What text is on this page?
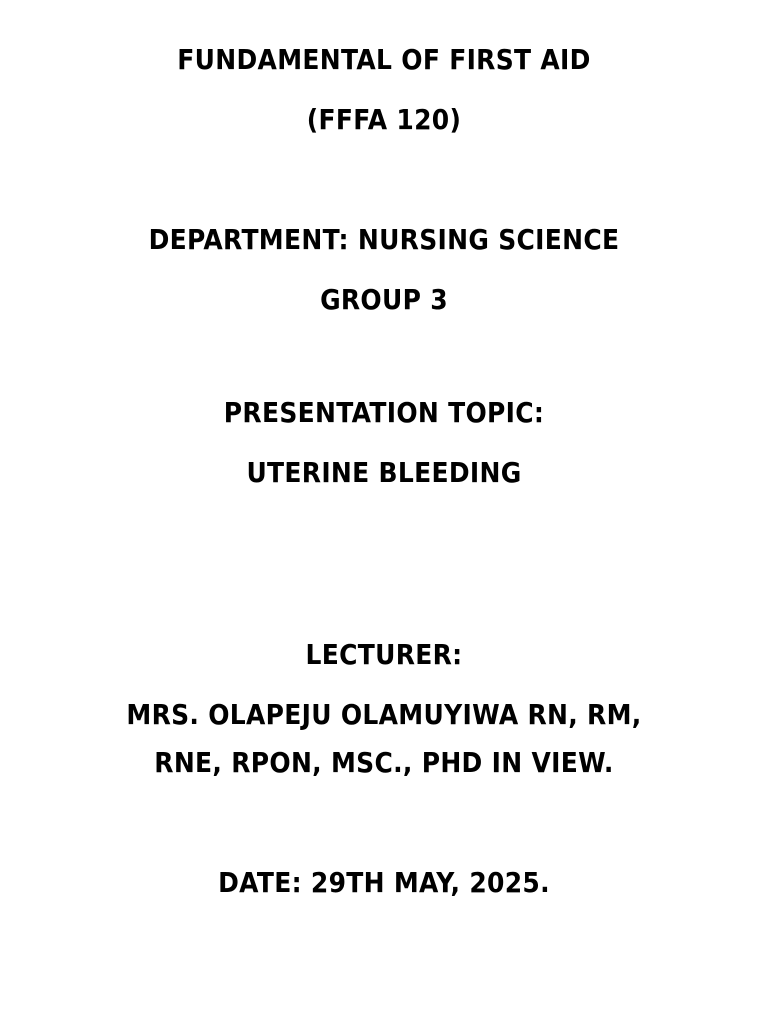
FUNDAMENTAL OF FIRST AID
(FFFA 120)
DEPARTMENT: NURSING SCIENCE
GROUP 3
PRESENTATION TOPIC:
UTERINE BLEEDING
LECTURER:
MRS. OLAPEJU OLAMUYIWA RN, RM,
RNE, RPON, MSC., PHD IN VIEW.
DATE: 29TH MAY, 2025.
